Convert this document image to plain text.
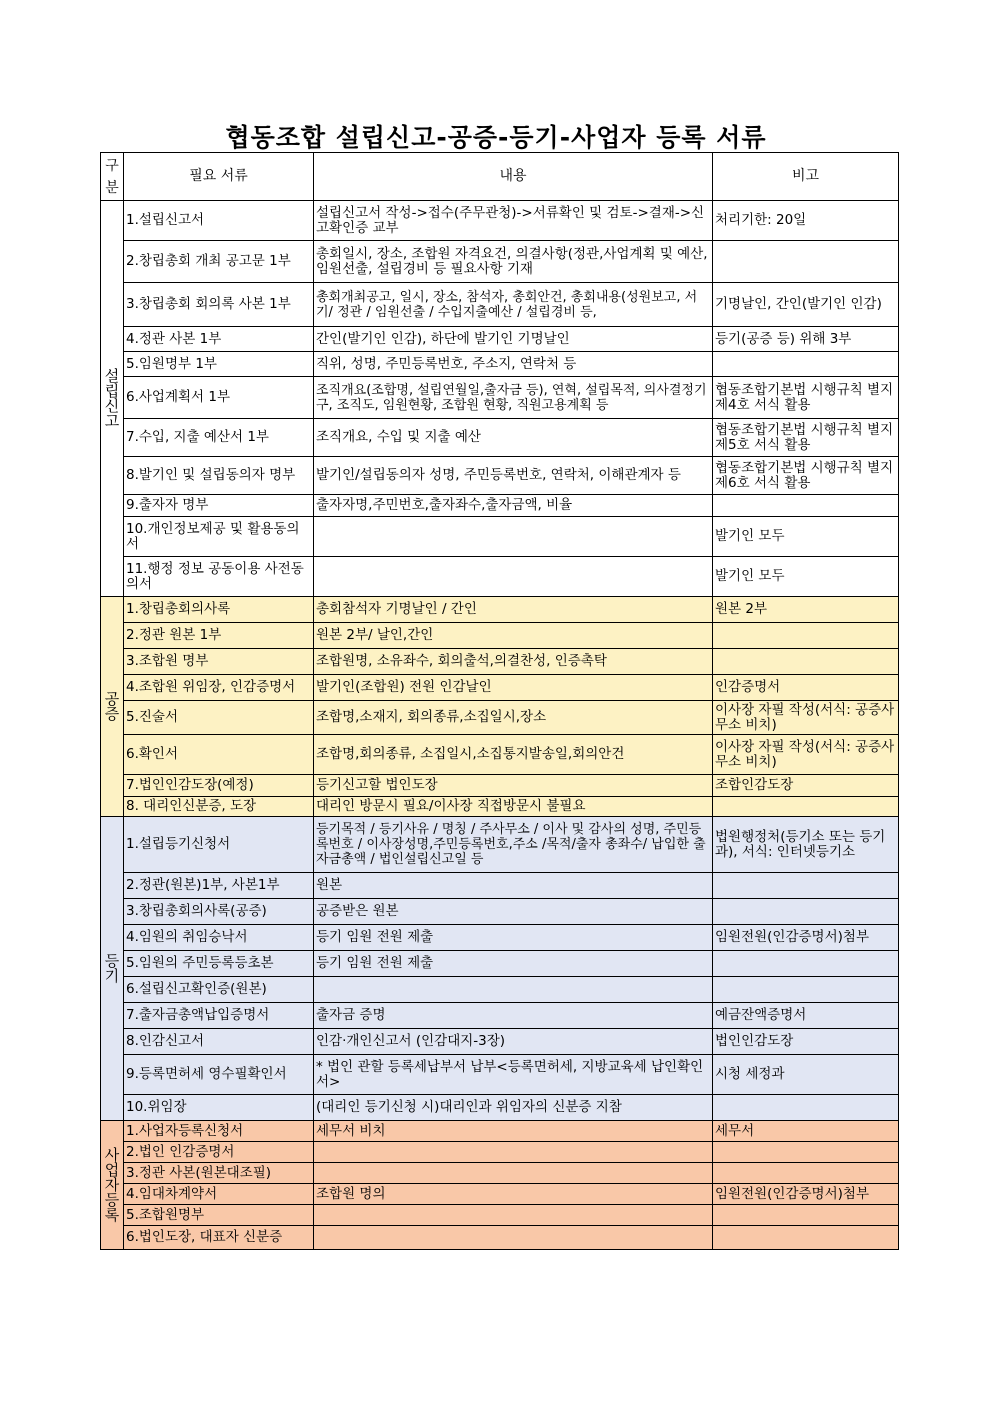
협동조합 설립신고-공증-등기-사업자 등록 서류
구분	필요 서류	내용	비고

설
립
신
고	1.설립신고서	설립신고서 작성->접수(주무관청)->서류확인 및 검토->결재->신고확인증 교부	처리기한: 20일
	2.창립총회 개최 공고문 1부	총회일시, 장소, 조합원 자격요건, 의결사항(정관,사업계획 및 예산, 임원선출, 설립경비 등 필요사항 기재	
	3.창립총회 회의록 사본 1부	총회개최공고, 일시, 장소, 참석자, 총회안건, 총회내용(성원보고, 서기/ 정관 / 임원선출 / 수입지출예산 / 설립경비 등,	기명날인, 간인(발기인 인감)
	4.정관 사본 1부	간인(발기인 인감), 하단에 발기인 기명날인	등기(공증 등) 위해 3부
	5.임원명부 1부	직위, 성명, 주민등록번호, 주소지, 연락처 등	
	6.사업계획서 1부	조직개요(조합명, 설립연월일,출자금 등), 연혁, 설립목적, 의사결정기구, 조직도, 임원현황, 조합원 현황, 직원고용계획 등	협동조합기본법 시행규칙 별지 제4호 서식 활용
	7.수입, 지출 예산서 1부	조직개요, 수입 및 지출 예산	협동조합기본법 시행규칙 별지 제5호 서식 활용
	8.발기인 및 설립동의자 명부	발기인/설립동의자 성명, 주민등록번호, 연락처, 이해관계자 등	협동조합기본법 시행규칙 별지 제6호 서식 활용
	9.출자자 명부	출자자명,주민번호,출자좌수,출자금액, 비율	
	10.개인정보제공 및 활용동의서		발기인 모두
	11.행정 정보 공동이용 사전동의서		발기인 모두

공
증	1.창립총회의사록	총회참석자 기명날인 / 간인	원본 2부
	2.정관 원본 1부	원본 2부/ 날인,간인	
	3.조합원 명부	조합원명, 소유좌수, 회의출석,의결찬성, 인증촉탁	
	4.조합원 위임장, 인감증명서	발기인(조합원) 전원 인감날인	인감증명서
	5.진술서	조합명,소재지, 회의종류,소집일시,장소	이사장 자필 작성(서식: 공증사무소 비치)
	6.확인서	조합명,회의종류, 소집일시,소집통지발송일,회의안건	이사장 자필 작성(서식: 공증사무소 비치)
	7.법인인감도장(예정)	등기신고할 법인도장	조합인감도장
	8. 대리인신분증, 도장	대리인 방문시 필요/이사장 직접방문시 불필요	

등
기	1.설립등기신청서	등기목적 / 등기사유 / 명칭 / 주사무소 / 이사 및 감사의 성명, 주민등록번호 / 이사장성명,주민등록번호,주소 /목적/출자 총좌수/ 납입한 출자금총액 / 법인설립신고일 등	법원행정처(등기소 또는 등기과), 서식: 인터넷등기소
	2.정관(원본)1부, 사본1부	원본	
	3.창립총회의사록(공증)	공증받은 원본	
	4.임원의 취임승낙서	등기 임원 전원 제출	임원전원(인감증명서)첨부
	5.임원의 주민등록등초본	등기 임원 전원 제출	
	6.설립신고확인증(원본)		
	7.출자금총액납입증명서	출자금 증명	예금잔액증명서
	8.인감신고서	인감·개인신고서 (인감대지-3장)	법인인감도장
	9.등록면허세 영수필확인서	* 법인 관할 등록세납부서 납부<등록면허세, 지방교육세 납인확인서>	시청 세정과
	10.위임장	(대리인 등기신청 시)대리인과 위임자의 신분증 지참	

사
업
자
등
록	1.사업자등록신청서	세무서 비치	세무서
	2.법인 인감증명서		
	3.정관 사본(원본대조필)		
	4.임대차계약서	조합원 명의	임원전원(인감증명서)첨부
	5.조합원명부		
	6.법인도장, 대표자 신분증		
